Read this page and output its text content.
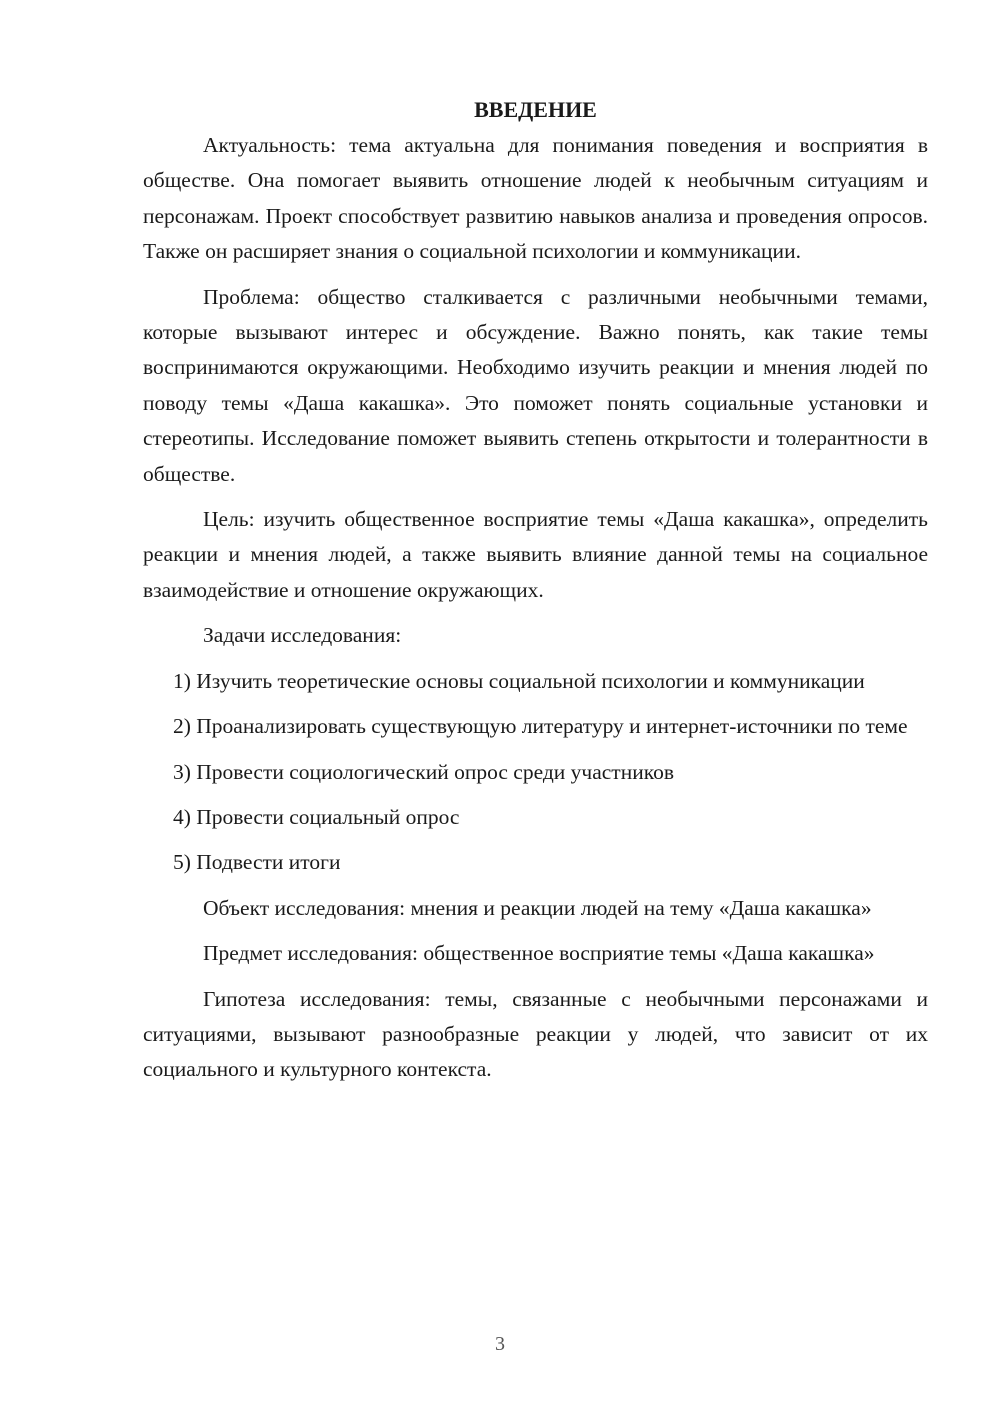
ВВЕДЕНИЕ

Актуальность: тема актуальна для понимания поведения и восприятия в обществе. Она помогает выявить отношение людей к необычным ситуациям и персонажам. Проект способствует развитию навыков анализа и проведения опросов. Также он расширяет знания о социальной психологии и коммуникации.

Проблема: общество сталкивается с различными необычными темами, которые вызывают интерес и обсуждение. Важно понять, как такие темы воспринимаются окружающими. Необходимо изучить реакции и мнения людей по поводу темы «Даша какашка». Это поможет понять социальные установки и стереотипы. Исследование поможет выявить степень открытости и толерантности в обществе.

Цель: изучить общественное восприятие темы «Даша какашка», определить реакции и мнения людей, а также выявить влияние данной темы на социальное взаимодействие и отношение окружающих.

Задачи исследования:

1) Изучить теоретические основы социальной психологии и коммуникации

2) Проанализировать существующую литературу и интернет-источники по теме

3) Провести социологический опрос среди участников

4) Провести социальный опрос

5) Подвести итоги

Объект исследования: мнения и реакции людей на тему «Даша какашка»

Предмет исследования: общественное восприятие темы «Даша какашка»

Гипотеза исследования: темы, связанные с необычными персонажами и ситуациями, вызывают разнообразные реакции у людей, что зависит от их социального и культурного контекста.

3
